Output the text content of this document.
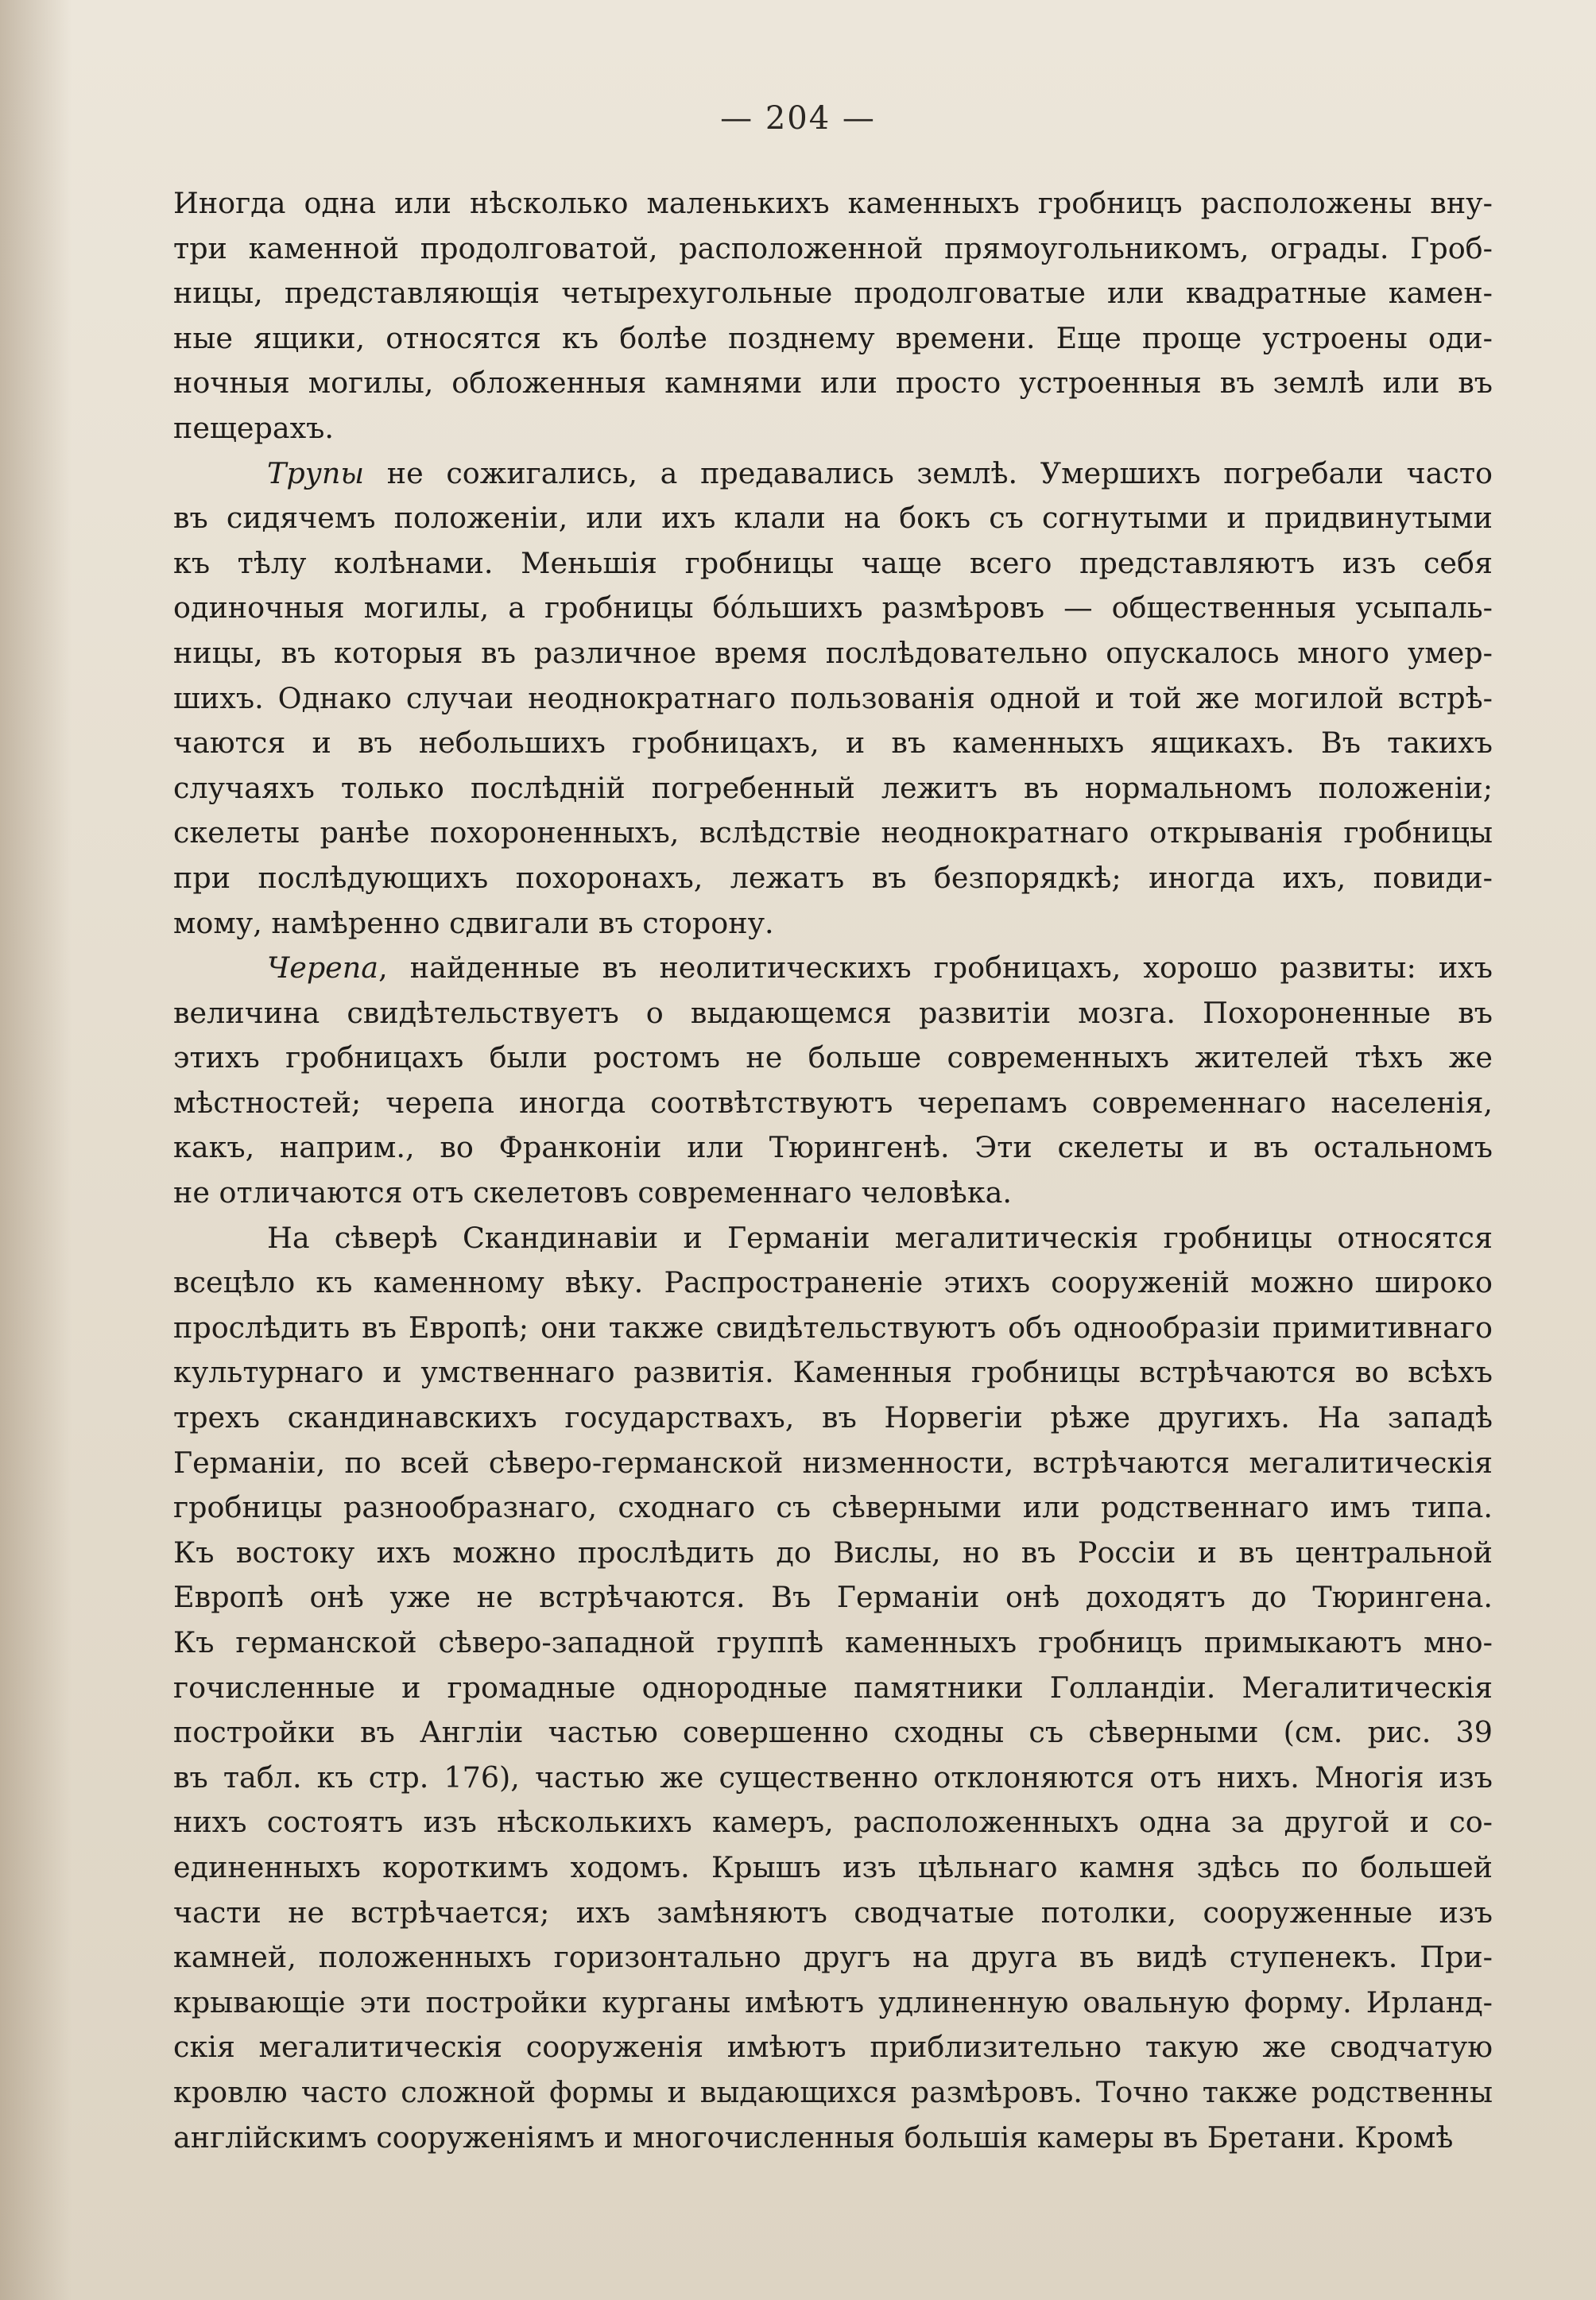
— 204 —
Иногда одна или нѣсколько маленькихъ каменныхъ гробницъ расположены вну-
три каменной продолговатой, расположенной прямоугольникомъ, ограды. Гроб-
ницы, представляющія четырехугольные продолговатые или квадратные камен-
ные ящики, относятся къ болѣе позднему времени. Еще проще устроены оди-
ночныя могилы, обложенныя камнями или просто устроенныя въ землѣ или въ
пещерахъ.
Трупы не сожигались, а предавались землѣ. Умершихъ погребали часто
въ сидячемъ положеніи, или ихъ клали на бокъ съ согнутыми и придвинутыми
къ тѣлу колѣнами. Меньшія гробницы чаще всего представляютъ изъ себя
одиночныя могилы, а гробницы бо́льшихъ размѣровъ — общественныя усыпаль-
ницы, въ которыя въ различное время послѣдовательно опускалось много умер-
шихъ. Однако случаи неоднократнаго пользованія одной и той же могилой встрѣ-
чаются и въ небольшихъ гробницахъ, и въ каменныхъ ящикахъ. Въ такихъ
случаяхъ только послѣдній погребенный лежитъ въ нормальномъ положеніи;
скелеты ранѣе похороненныхъ, вслѣдствіе неоднократнаго открыванія гробницы
при послѣдующихъ похоронахъ, лежатъ въ безпорядкѣ; иногда ихъ, повиди-
мому, намѣренно сдвигали въ сторону.
Черепа, найденные въ неолитическихъ гробницахъ, хорошо развиты: ихъ
величина свидѣтельствуетъ о выдающемся развитіи мозга. Похороненные въ
этихъ гробницахъ были ростомъ не больше современныхъ жителей тѣхъ же
мѣстностей; черепа иногда соотвѣтствуютъ черепамъ современнаго населенія,
какъ, наприм., во Франконіи или Тюрингенѣ. Эти скелеты и въ остальномъ
не отличаются отъ скелетовъ современнаго человѣка.
На сѣверѣ Скандинавіи и Германіи мегалитическія гробницы относятся
всецѣло къ каменному вѣку. Распространеніе этихъ сооруженій можно широко
прослѣдить въ Европѣ; они также свидѣтельствуютъ объ однообразіи примитивнаго
культурнаго и умственнаго развитія. Каменныя гробницы встрѣчаются во всѣхъ
трехъ скандинавскихъ государствахъ, въ Норвегіи рѣже другихъ. На западѣ
Германіи, по всей сѣверо-германской низменности, встрѣчаются мегалитическія
гробницы разнообразнаго, сходнаго съ сѣверными или родственнаго имъ типа.
Къ востоку ихъ можно прослѣдить до Вислы, но въ Россіи и въ центральной
Европѣ онѣ уже не встрѣчаются. Въ Германіи онѣ доходятъ до Тюрингена.
Къ германской сѣверо-западной группѣ каменныхъ гробницъ примыкаютъ мно-
гочисленные и громадные однородные памятники Голландіи. Мегалитическія
постройки въ Англіи частью совершенно сходны съ сѣверными (см. рис. 39
въ табл. къ стр. 176), частью же существенно отклоняются отъ нихъ. Многія изъ
нихъ состоятъ изъ нѣсколькихъ камеръ, расположенныхъ одна за другой и со-
единенныхъ короткимъ ходомъ. Крышъ изъ цѣльнаго камня здѣсь по большей
части не встрѣчается; ихъ замѣняютъ сводчатые потолки, сооруженные изъ
камней, положенныхъ горизонтально другъ на друга въ видѣ ступенекъ. При-
крывающіе эти постройки курганы имѣютъ удлиненную овальную форму. Ирланд-
скія мегалитическія сооруженія имѣютъ приблизительно такую же сводчатую
кровлю часто сложной формы и выдающихся размѣровъ. Точно также родственны
англійскимъ сооруженіямъ и многочисленныя большія камеры въ Бретани. Кромѣ
